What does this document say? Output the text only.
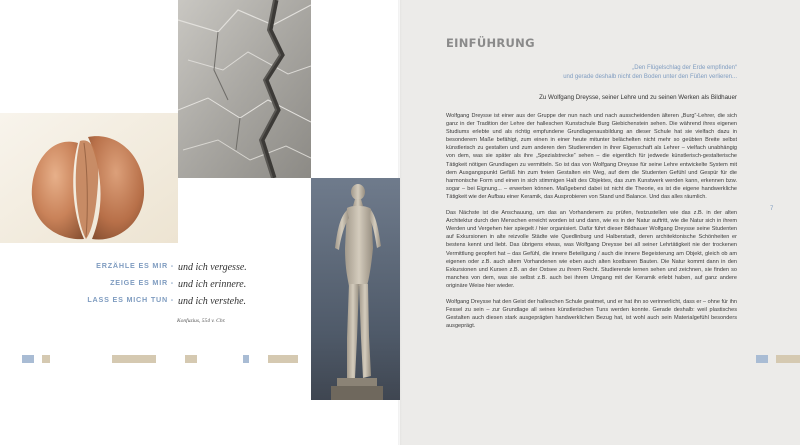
ERZÄHLE ES MIR - und ich vergesse.
ZEIGE ES MIR - und ich erinnere.
LASS ES MICH TUN - und ich verstehe.
Konfuzius, 554 v. Chr.
EINFÜHRUNG
„Den Flügelschlag der Erde empfinden“
und gerade deshalb nicht den Boden unter den Füßen verlieren...
Zu Wolfgang Dreysse, seiner Lehre und zu seinen Werken als Bildhauer

Wolfgang Dreysse ist einer aus der Gruppe der nun nach und nach ausscheidenden älteren „Burg“-Lehrer, die sich ganz in der Tradition der Lehre der halleschen Kunstschule Burg Giebichenstein sehen. Die während ihres eigenen Studiums erlebte und als richtig empfundene Grundlagenausbildung an dieser Schule hat sie vielfach dazu in besonderem Maße befähigt, zum einen in einer heute mitunter belächelten nicht mehr so geübten Breite selbst künstlerisch zu gestalten und zum anderen den Studierenden in ihrer Eigenschaft als Lehrer – vielfach unabhängig von dem, was sie später als ihre „Spezialstrecke“ sehen – die eigentlich für jedwede künstlerisch-gestalterische Tätigkeit nötigen Grundlagen zu vermitteln. So ist das von Wolfgang Dreysse für seine Lehre entwickelte System mit dem Ausgangspunkt Gefäß hin zum freien Gestalten ein Weg, auf dem die Studenten Gefühl und Gespür für die harmonische Form und einen in sich stimmigen Halt des Objektes, das zum Kunstwerk werden kann, erkennen bzw. sogar – bei Eignung... – erwerben können. Maßgebend dabei ist nicht die Theorie, es ist die eigene handwerkliche Tätigkeit wie der Aufbau einer Keramik, das Ausprobieren von Stand und Balance. Und das alles räumlich.

Das Nächste ist die Anschauung, um das an Vorhandenem zu prüfen, festzustellen wie das z.B. in der alten Architektur durch den Menschen erreicht worden ist und dann, wie es in der Natur auftritt, wie die Natur sich in ihrem Werden und Vergehen hier spiegelt / hier organisiert. Dafür führt dieser Bildhauer Wolfgang Dreysse seine Studenten auf Exkursionen in alte reizvolle Städte wie Quedlinburg und Halberstadt, deren architektonische Schönheiten er bestens kennt und liebt. Das übrigens etwas, was Wolfgang Dreysse bei all seiner Lehrtätigkeit nie der trockenen Vermittlung geopfert hat – das Gefühl, die innere Beteiligung / auch die innere Begeisterung am Objekt, gleich ob am eigenen oder z.B. auch altem Vorhandenen wie eben auch alten kostbaren Bauten. Die Natur kommt dann in den Exkursionen und Kursen z.B. an der Ostsee zu ihrem Recht. Studierende lernen sehen und zeichnen, sie finden so manches von dem, was sie selbst z.B. auch bei ihrem Umgang mit der Keramik erlebt haben, auf ganz andere originäre Weise hier wieder.

Wolfgang Dreysse hat den Geist der halleschen Schule geatmet, und er hat ihn so verinnerlicht, dass er – ohne für ihn Fessel zu sein – zur Grundlage all seines künstlerischen Tuns werden konnte. Gerade deshalb: weil plastisches Gestalten auch diesen stark ausgeprägten handwerklichen Bezug hat, ist wohl auch sein Materialgefühl besonders ausgeprägt.

7
